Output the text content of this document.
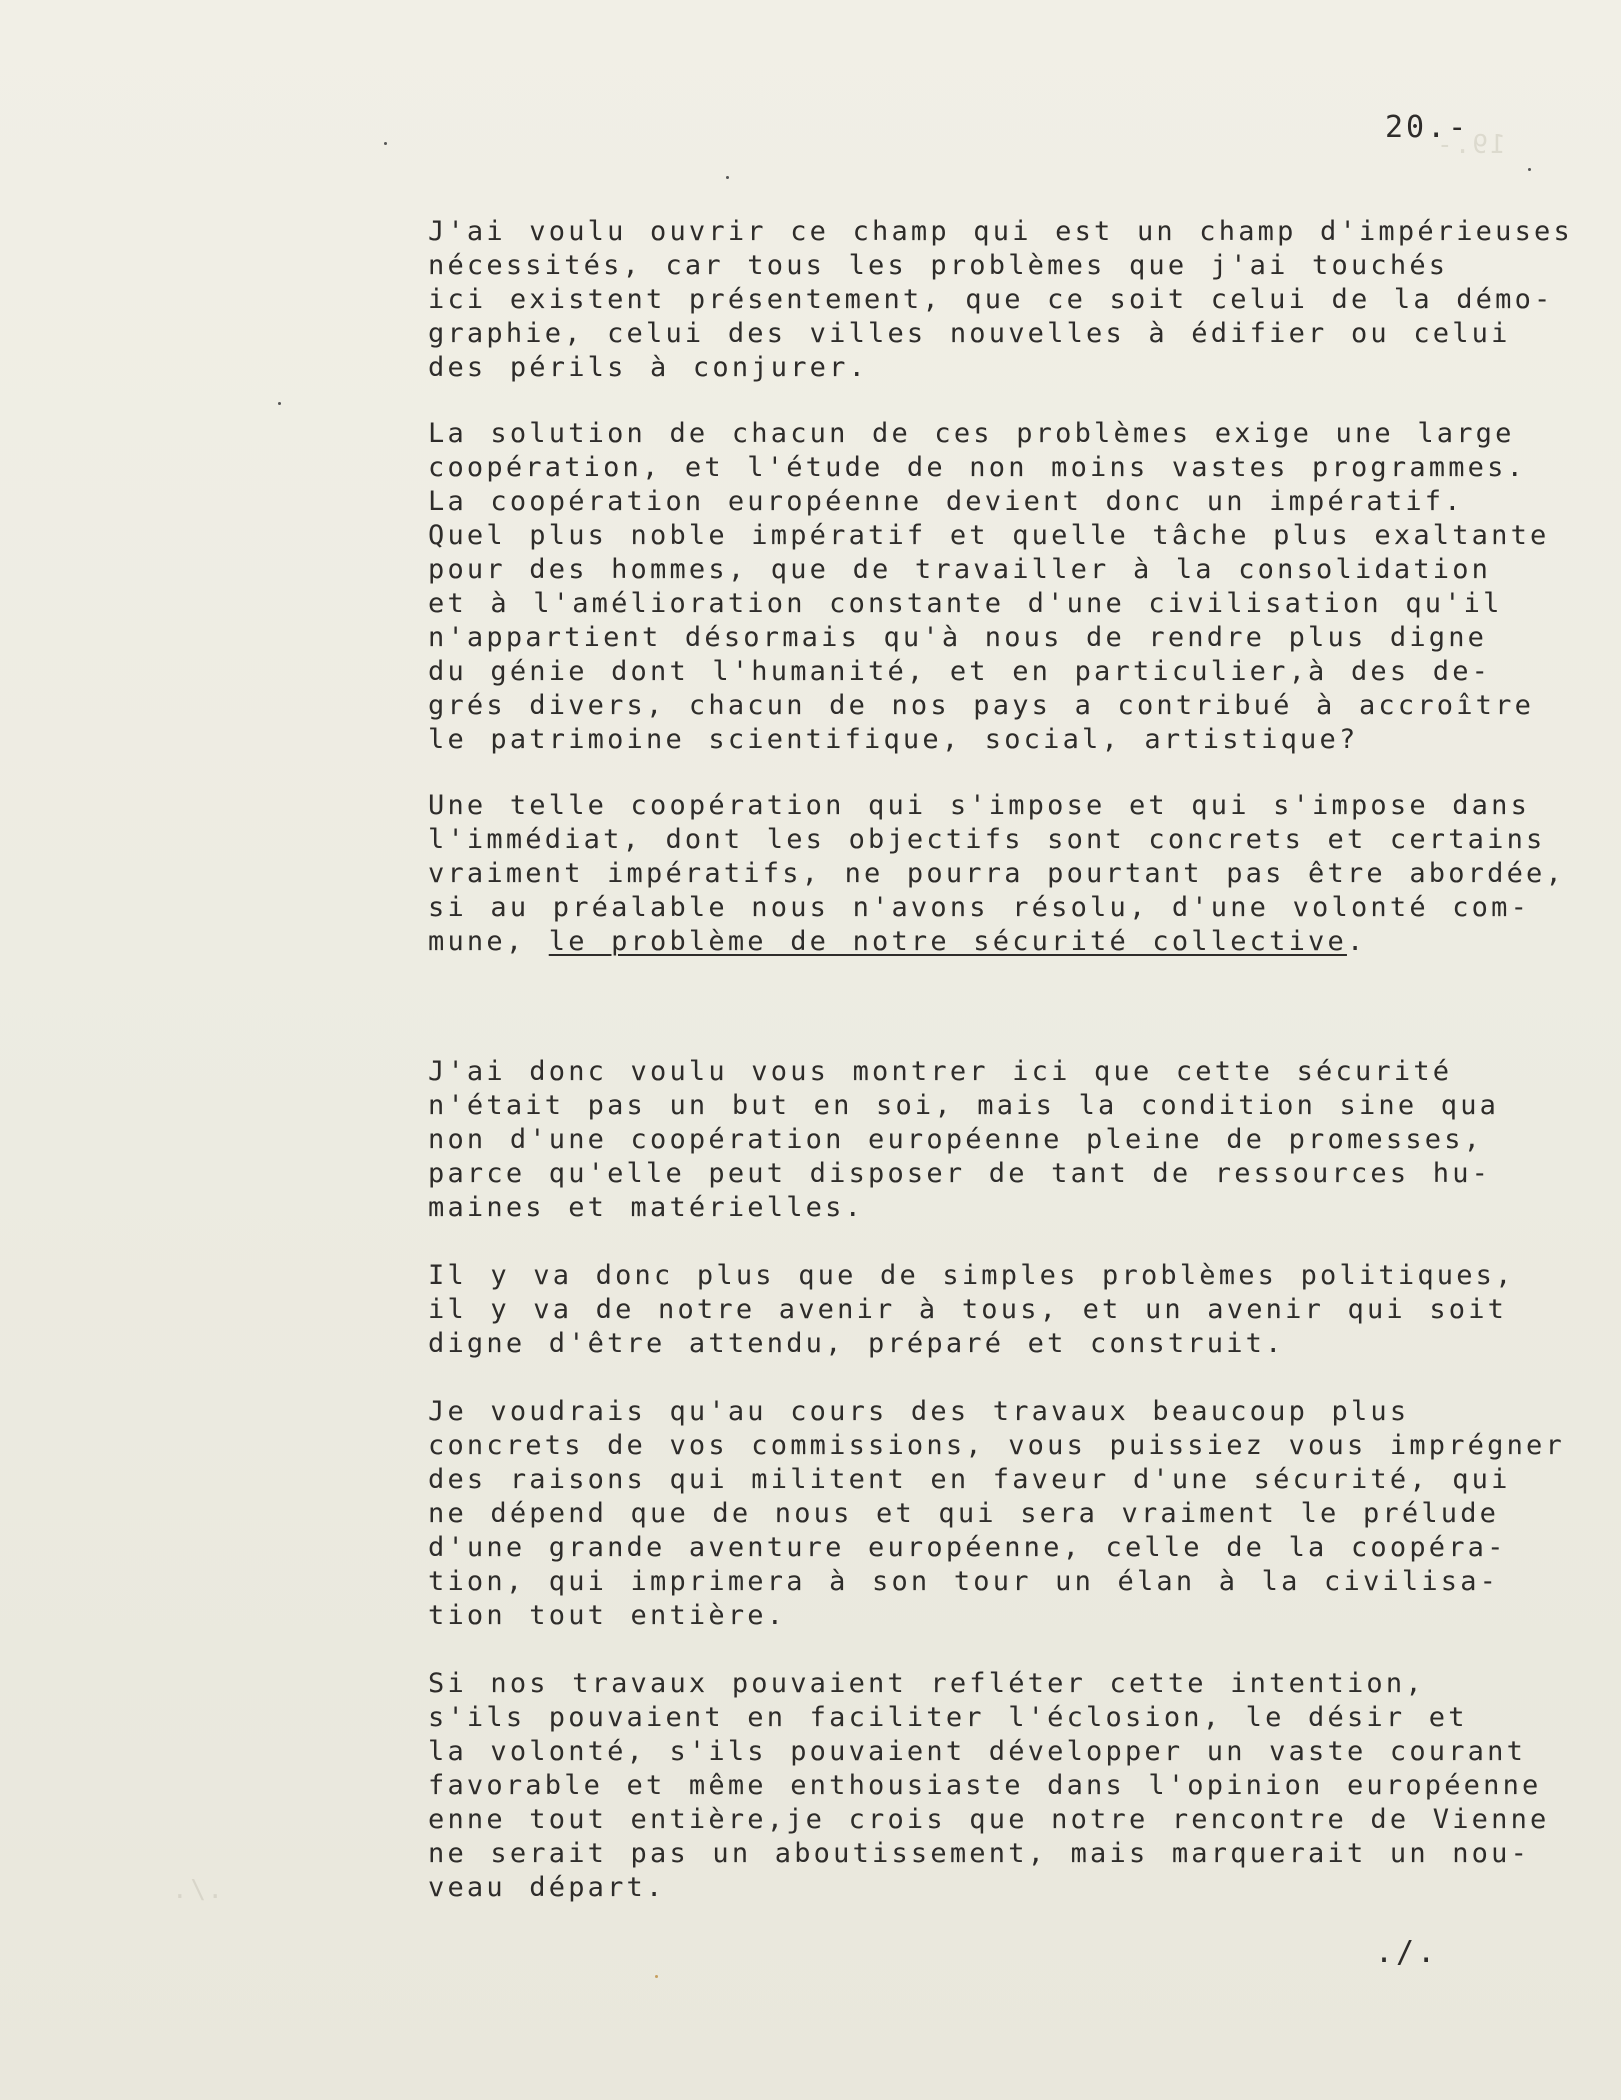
19.-
./.
20.-

J'ai voulu ouvrir ce champ qui est un champ d'impérieuses
nécessités, car tous les problèmes que j'ai touchés
ici existent présentement, que ce soit celui de la démo-
graphie, celui des villes nouvelles à édifier ou celui
des périls à conjurer.

La solution de chacun de ces problèmes exige une large
coopération, et l'étude de non moins vastes programmes.
La coopération européenne devient donc un impératif.
Quel plus noble impératif et quelle tâche plus exaltante
pour des hommes, que de travailler à la consolidation
et à l'amélioration constante d'une civilisation qu'il
n'appartient désormais qu'à nous de rendre plus digne
du génie dont l'humanité, et en particulier,à des de-
grés divers, chacun de nos pays a contribué à accroître
le patrimoine scientifique, social, artistique?

Une telle coopération qui s'impose et qui s'impose dans
l'immédiat, dont les objectifs sont concrets et certains
vraiment impératifs, ne pourra pourtant pas être abordée,
si au préalable nous n'avons résolu, d'une volonté com-
mune, le problème de notre sécurité collective.

J'ai donc voulu vous montrer ici que cette sécurité
n'était pas un but en soi, mais la condition sine qua
non d'une coopération européenne pleine de promesses,
parce qu'elle peut disposer de tant de ressources hu-
maines et matérielles.

Il y va donc plus que de simples problèmes politiques,
il y va de notre avenir à tous, et un avenir qui soit
digne d'être attendu, préparé et construit.

Je voudrais qu'au cours des travaux beaucoup plus
concrets de vos commissions, vous puissiez vous imprégner
des raisons qui militent en faveur d'une sécurité, qui
ne dépend que de nous et qui sera vraiment le prélude
d'une grande aventure européenne, celle de la coopéra-
tion, qui imprimera à son tour un élan à la civilisa-
tion tout entière.

Si nos travaux pouvaient refléter cette intention,
s'ils pouvaient en faciliter l'éclosion, le désir et
la volonté, s'ils pouvaient développer un vaste courant
favorable et même enthousiaste dans l'opinion européenne
enne tout entière,je crois que notre rencontre de Vienne
ne serait pas un aboutissement, mais marquerait un nou-
veau départ.

./.
